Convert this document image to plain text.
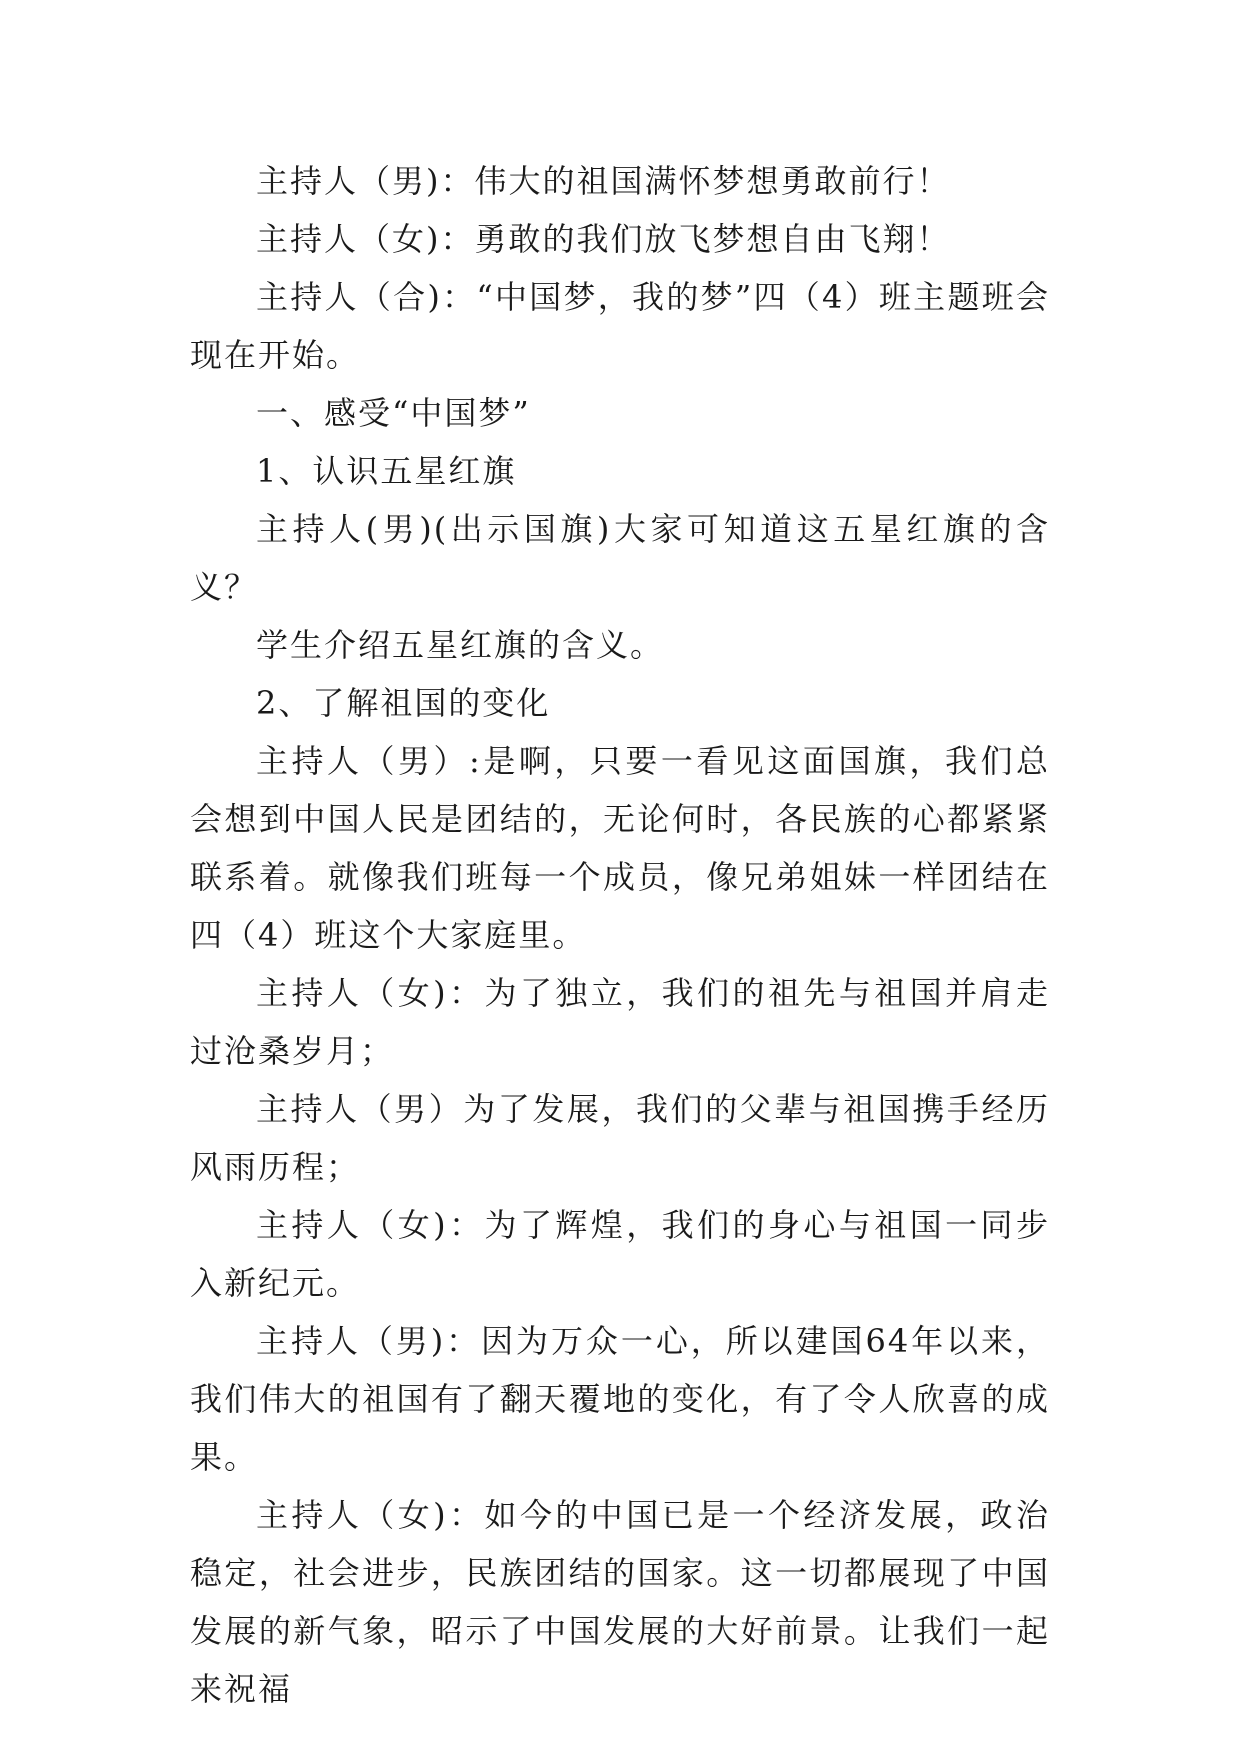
主持人（男)：伟大的祖国满怀梦想勇敢前行！

主持人（女)：勇敢的我们放飞梦想自由飞翔！

主持人（合)：“中国梦，我的梦”四（4）班主题班会现在开始。

一、感受“中国梦”

1、认识五星红旗

主持人(男)(出示国旗)大家可知道这五星红旗的含义？

学生介绍五星红旗的含义。

2、了解祖国的变化

主持人（男）:是啊，只要一看见这面国旗，我们总会想到中国人民是团结的，无论何时，各民族的心都紧紧联系着。就像我们班每一个成员，像兄弟姐妹一样团结在四（4）班这个大家庭里。

主持人（女)：为了独立，我们的祖先与祖国并肩走过沧桑岁月；

主持人（男）为了发展，我们的父辈与祖国携手经历风雨历程；

主持人（女)：为了辉煌，我们的身心与祖国一同步入新纪元。

主持人（男)：因为万众一心，所以建国64年以来，我们伟大的祖国有了翻天覆地的变化，有了令人欣喜的成果。

主持人（女)：如今的中国已是一个经济发展，政治稳定，社会进步，民族团结的国家。这一切都展现了中国发展的新气象，昭示了中国发展的大好前景。让我们一起来祝福
